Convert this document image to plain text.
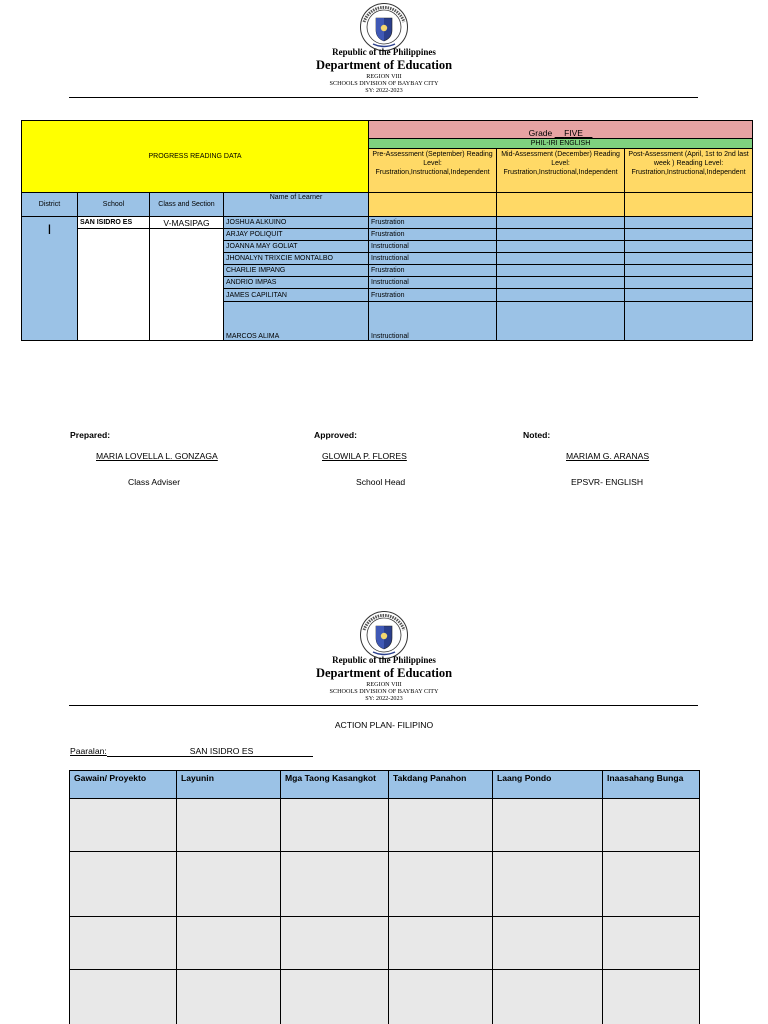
Republic of the Philippines
Department of Education
REGION VIII
SCHOOLS DIVISION OF BAYBAY CITY
SY: 2022-2023
PROGRESS READING DATA				Grade FIVE		
				PHIL-IRI ENGLISH		
				Pre-Assessment (September) Reading Level: Frustration,Instructional,Independent	Mid-Assessment (December) Reading Level: Frustration,Instructional,Independent	Post-Assessment (April, 1st to 2nd last week ) Reading Level: Frustration,Instructional,Independent
District	School	Class and Section	Name of Learner			
I	SAN ISIDRO ES	V-MASIPAG	JOSHUA ALKUINO	Frustration		
			ARJAY POLIQUIT	Frustration		
			JOANNA MAY GOLIAT	Instructional		
			JHONALYN TRIXCIE MONTALBO	Instructional		
			CHARLIE IMPANG	Frustration		
			ANDRIO IMPAS	Instructional		
			JAMES CAPILITAN	Frustration		
			MARCOS ALIMA	Instructional		
Prepared:	Approved:	Noted:
MARIA LOVELLA L. GONZAGA	GLOWILA P. FLORES	MARIAM G. ARANAS
Class Adviser	School Head	EPSVR- ENGLISH
Republic of the Philippines
Department of Education
REGION VIII
SCHOOLS DIVISION OF BAYBAY CITY
SY: 2022-2023
ACTION PLAN- FILIPINO
Paaralan:	SAN ISIDRO ES
Gawain/ Proyekto	Layunin	Mga Taong Kasangkot	Takdang Panahon	Laang Pondo	Inaasahang Bunga
